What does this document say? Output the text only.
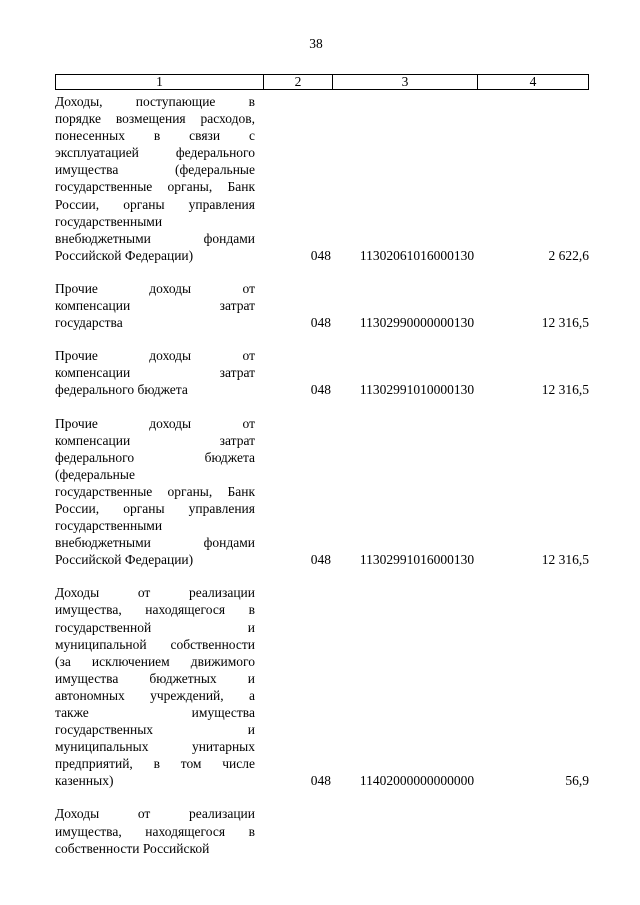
38
1	2	3	4
Доходы, поступающие в
порядке возмещения расходов,
понесенных в связи с
эксплуатацией федерального
имущества (федеральные
государственные органы, Банк
России, органы управления
государственными
внебюджетными фондами
Российской Федерации)	048	11302061016000130	2 622,6
Прочие доходы от
компенсации затрат
государства	048	11302990000000130	12 316,5
Прочие доходы от
компенсации затрат
федерального бюджета	048	11302991010000130	12 316,5
Прочие доходы от
компенсации затрат
федерального бюджета
(федеральные
государственные органы, Банк
России, органы управления
государственными
внебюджетными фондами
Российской Федерации)	048	11302991016000130	12 316,5
Доходы от реализации
имущества, находящегося в
государственной и
муниципальной собственности
(за исключением движимого
имущества бюджетных и
автономных учреждений, а
также имущества
государственных и
муниципальных унитарных
предприятий, в том числе
казенных)	048	11402000000000000	56,9
Доходы от реализации
имущества, находящегося в
собственности Российской
